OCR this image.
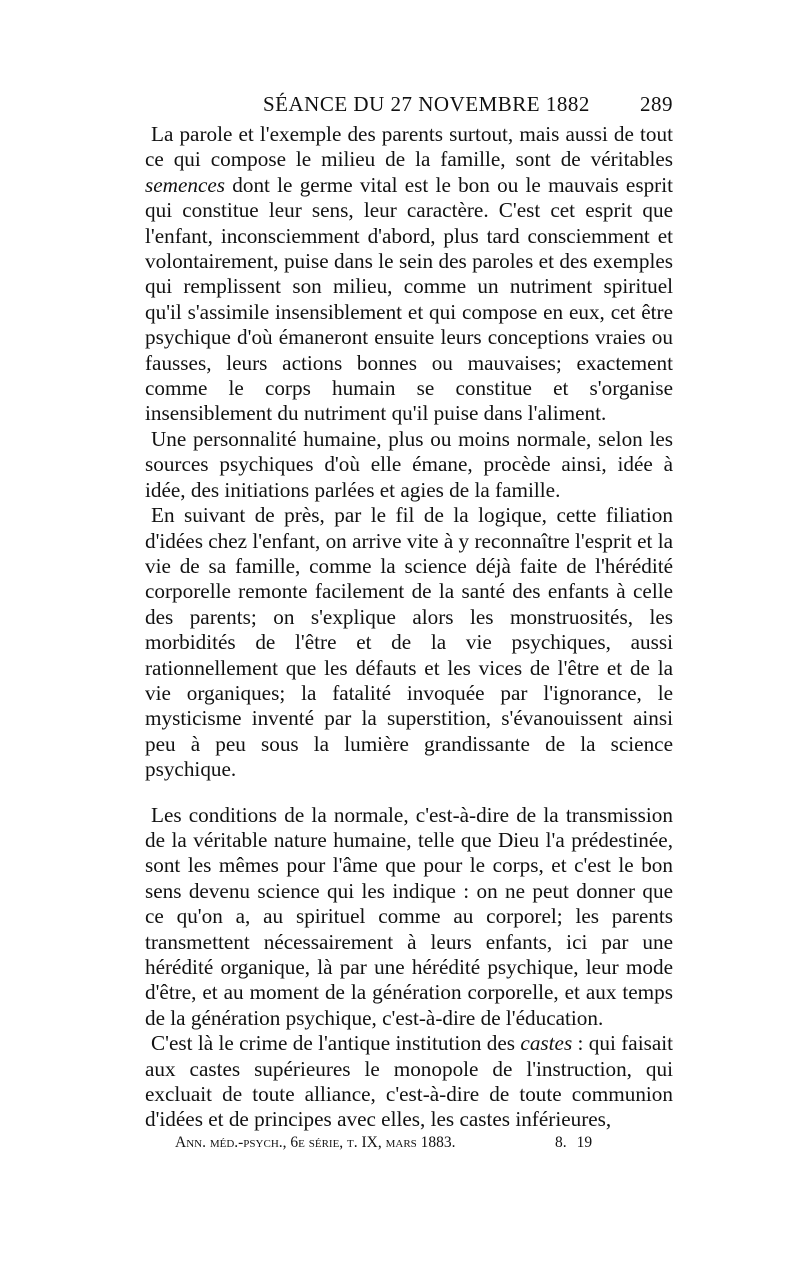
SÉANCE DU 27 NOVEMBRE 1882 289

La parole et l'exemple des parents surtout, mais aussi de tout ce qui compose le milieu de la famille, sont de véritables semences dont le germe vital est le bon ou le mauvais esprit qui constitue leur sens, leur caractère. C'est cet esprit que l'enfant, inconsciemment d'abord, plus tard consciemment et volontairement, puise dans le sein des paroles et des exemples qui remplissent son milieu, comme un nutriment spirituel qu'il s'assimile insensiblement et qui compose en eux, cet être psychique d'où émaneront ensuite leurs conceptions vraies ou fausses, leurs actions bonnes ou mauvaises; exactement comme le corps humain se constitue et s'organise insensiblement du nutriment qu'il puise dans l'aliment.

Une personnalité humaine, plus ou moins normale, selon les sources psychiques d'où elle émane, procède ainsi, idée à idée, des initiations parlées et agies de la famille.

En suivant de près, par le fil de la logique, cette filiation d'idées chez l'enfant, on arrive vite à y reconnaître l'esprit et la vie de sa famille, comme la science déjà faite de l'hérédité corporelle remonte facilement de la santé des enfants à celle des parents; on s'explique alors les monstruosités, les morbidités de l'être et de la vie psychiques, aussi rationnellement que les défauts et les vices de l'être et de la vie organiques; la fatalité invoquée par l'ignorance, le mysticisme inventé par la superstition, s'évanouissent ainsi peu à peu sous la lumière grandissante de la science psychique.

Les conditions de la normale, c'est-à-dire de la transmission de la véritable nature humaine, telle que Dieu l'a prédestinée, sont les mêmes pour l'âme que pour le corps, et c'est le bon sens devenu science qui les indique : on ne peut donner que ce qu'on a, au spirituel comme au corporel; les parents transmettent nécessairement à leurs enfants, ici par une hérédité organique, là par une hérédité psychique, leur mode d'être, et au moment de la génération corporelle, et aux temps de la génération psychique, c'est-à-dire de l'éducation.

C'est là le crime de l'antique institution des castes : qui faisait aux castes supérieures le monopole de l'instruction, qui excluait de toute alliance, c'est-à-dire de toute communion d'idées et de principes avec elles, les castes inférieures,

Ann. méd.-psych., 6e série, t. IX, mars 1883.	8. 19
